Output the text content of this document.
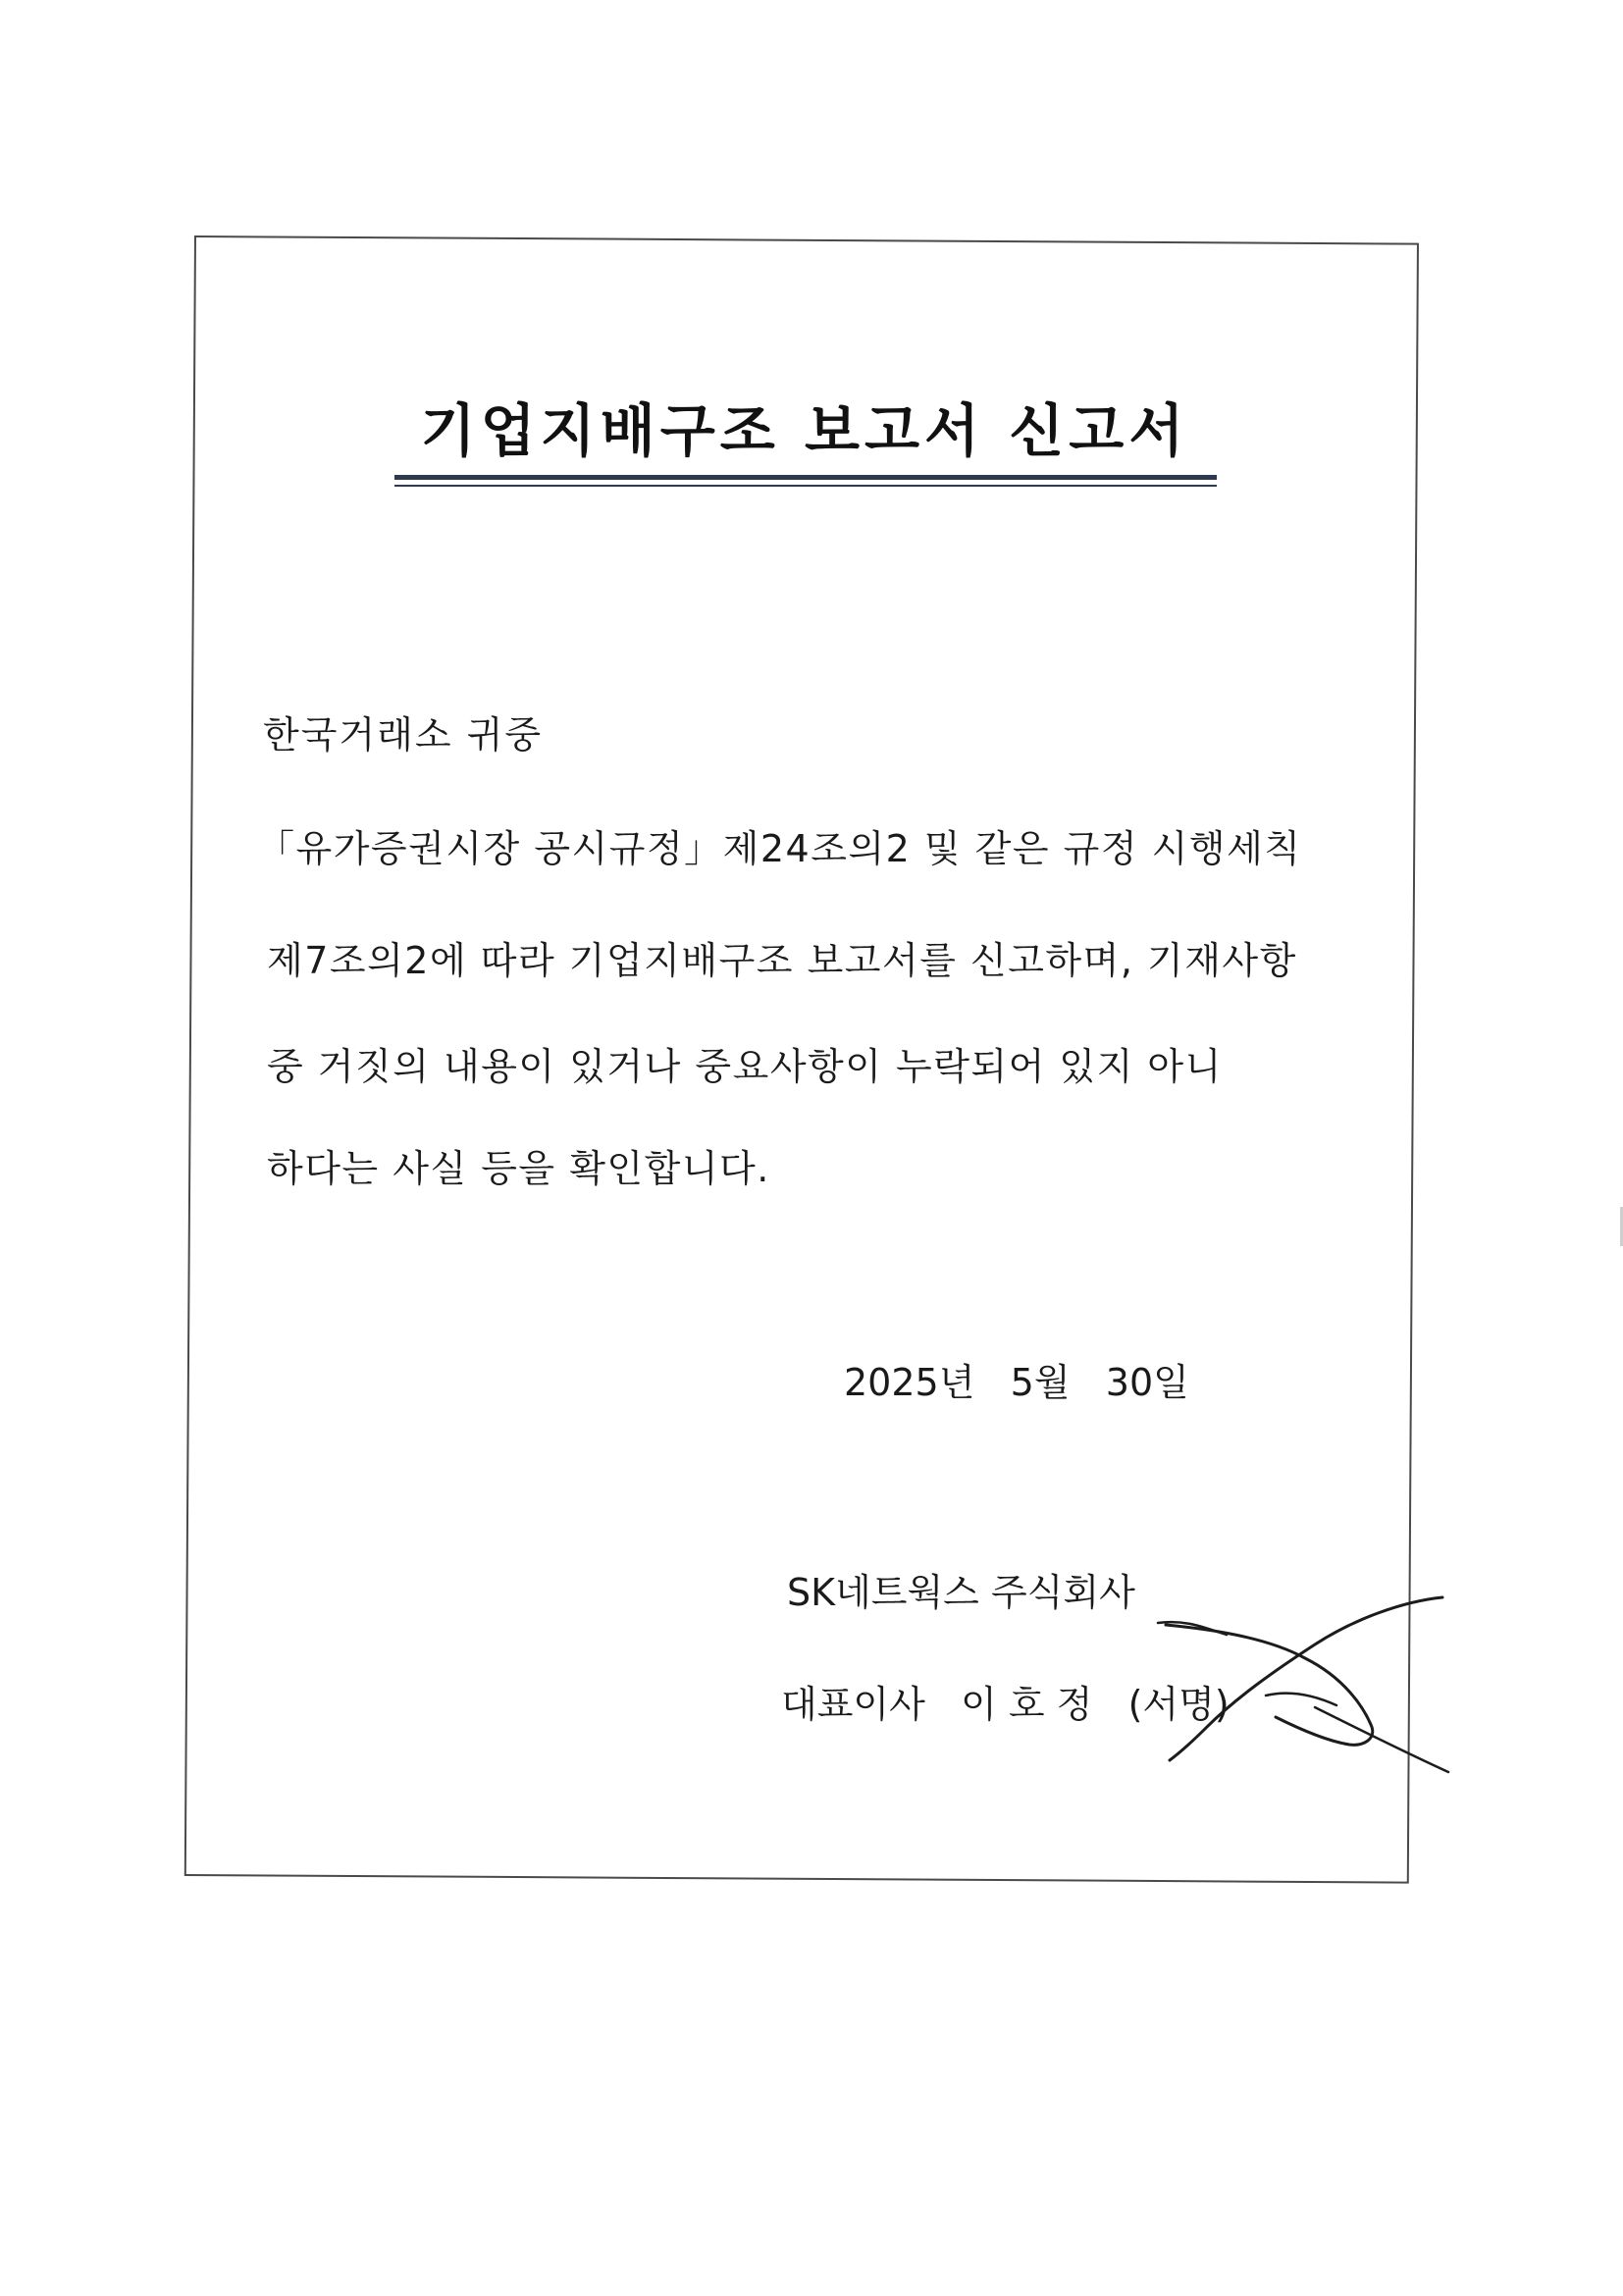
기업지배구조 보고서 신고서
한국거래소 귀중
「유가증권시장 공시규정」제24조의2 및 같은 규정 시행세칙
제7조의2에 따라 기업지배구조 보고서를 신고하며, 기재사항
중 거짓의 내용이 있거나 중요사항이 누락되어 있지 아니
하다는 사실 등을 확인합니다.
2025년   5월   30일
SK네트웍스 주식회사
대표이사   이 호 정   (서명)
